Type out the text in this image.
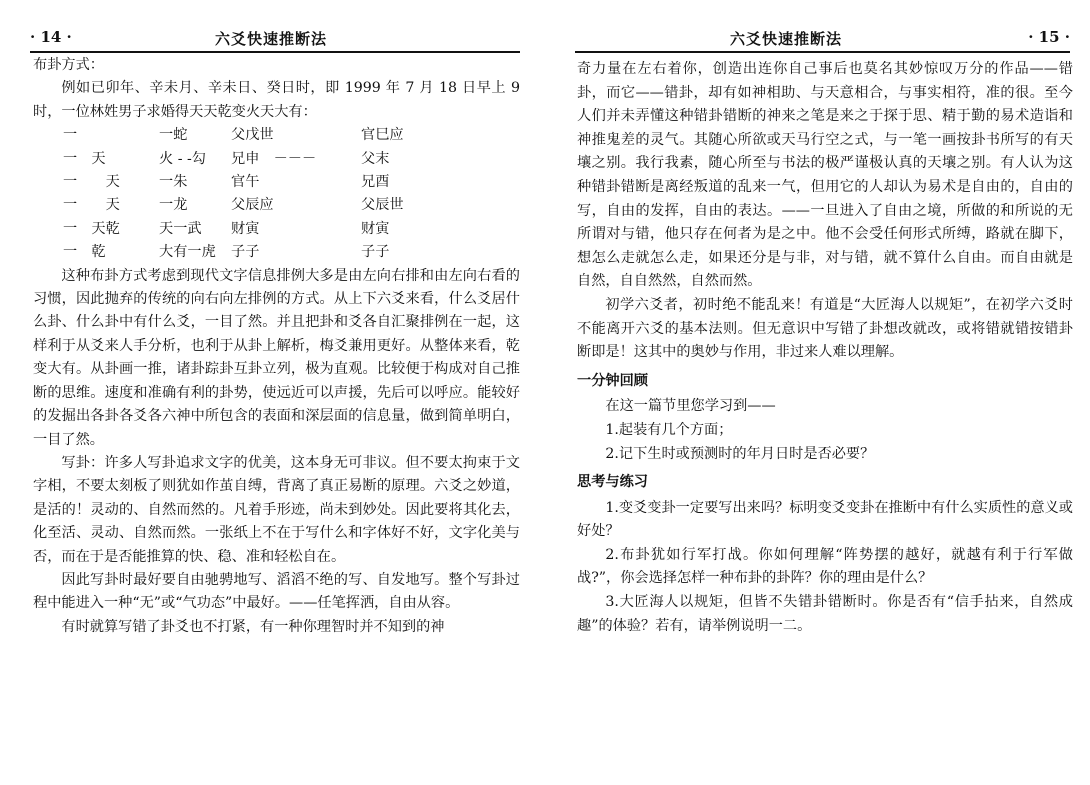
· 14 ·	六爻快速推断法

布卦方式：

例如已卯年、辛未月、辛未日、癸日时，即 1999 年 7 月 18 日早上 9 时，一位林姓男子求婚得天天乾变火天大有：

一	一蛇	父戊世	官巳应
一　天	火 - -勾	兄申　－－－	父末
一　　天	一朱	官午	兄酉
一　　天	一龙	父辰应	父辰世
一　天乾	天一武	财寅	财寅
一　乾	大有一虎	子子	子子

这种布卦方式考虑到现代文字信息排例大多是由左向右排和由左向右看的习惯，因此抛弃的传统的向右向左排例的方式。从上下六爻来看，什么爻居什么卦、什么卦中有什么爻，一目了然。并且把卦和爻各自汇聚排例在一起，这样利于从爻来人手分析，也利于从卦上解析，梅爻兼用更好。从整体来看，乾变大有。从卦画一推，诸卦踪卦互卦立列，极为直观。比较便于构成对自己推断的思维。速度和准确有利的卦势，使远近可以声援，先后可以呼应。能较好的发掘出各卦各爻各六神中所包含的表面和深层面的信息量，做到简单明白，一目了然。

写卦：许多人写卦追求文字的优美，这本身无可非议。但不要太拘束于文字相，不要太刻板了则犹如作茧自缚，背离了真正易断的原理。六爻之妙道，是活的！灵动的、自然而然的。凡着手形迹，尚未到妙处。因此要将其化去，化至活、灵动、自然而然。一张纸上不在于写什么和字体好不好，文字化美与否，而在于是否能推算的快、稳、准和轻松自在。

因此写卦时最好要自由驰骋地写、滔滔不绝的写、自发地写。整个写卦过程中能进入一种“无”或“气功态”中最好。——任笔挥洒，自由从容。

有时就算写错了卦爻也不打紧，有一种你理智时并不知到的神

六爻快速推断法	· 15 ·

奇力量在左右着你，创造出连你自己事后也莫名其妙惊叹万分的作品——错卦，而它——错卦，却有如神相助、与天意相合，与事实相符，准的很。至今人们并未弄懂这种错卦错断的神来之笔是来之于探于思、精于勤的易术造诣和神推鬼差的灵气。其随心所欲或天马行空之式，与一笔一画按卦书所写的有天壤之别。我行我素，随心所至与书法的极严谨极认真的天壤之别。有人认为这种错卦错断是离经叛道的乱来一气，但用它的人却认为易术是自由的，自由的写，自由的发挥，自由的表达。——一旦进入了自由之境，所做的和所说的无所谓对与错，他只存在何者为是之中。他不会受任何形式所缚，路就在脚下，想怎么走就怎么走，如果还分是与非，对与错，就不算什么自由。而自由就是自然，自自然然，自然而然。

初学六爻者，初时绝不能乱来！有道是“大匠海人以规矩”，在初学六爻时不能离开六爻的基本法则。但无意识中写错了卦想改就改，或将错就错按错卦断即是！这其中的奥妙与作用，非过来人难以理解。

一分钟回顾

在这一篇节里您学习到——

1.起装有几个方面；

2.记下生时或预测时的年月日时是否必要？

思考与练习

1.变爻变卦一定要写出来吗？标明变爻变卦在推断中有什么实质性的意义或好处？

2.布卦犹如行军打战。你如何理解“阵势摆的越好，就越有利于行军做战?”，你会选择怎样一种布卦的卦阵？你的理由是什么？

3.大匠海人以规矩，但皆不失错卦错断时。你是否有“信手拈来，自然成趣”的体验？若有，请举例说明一二。
